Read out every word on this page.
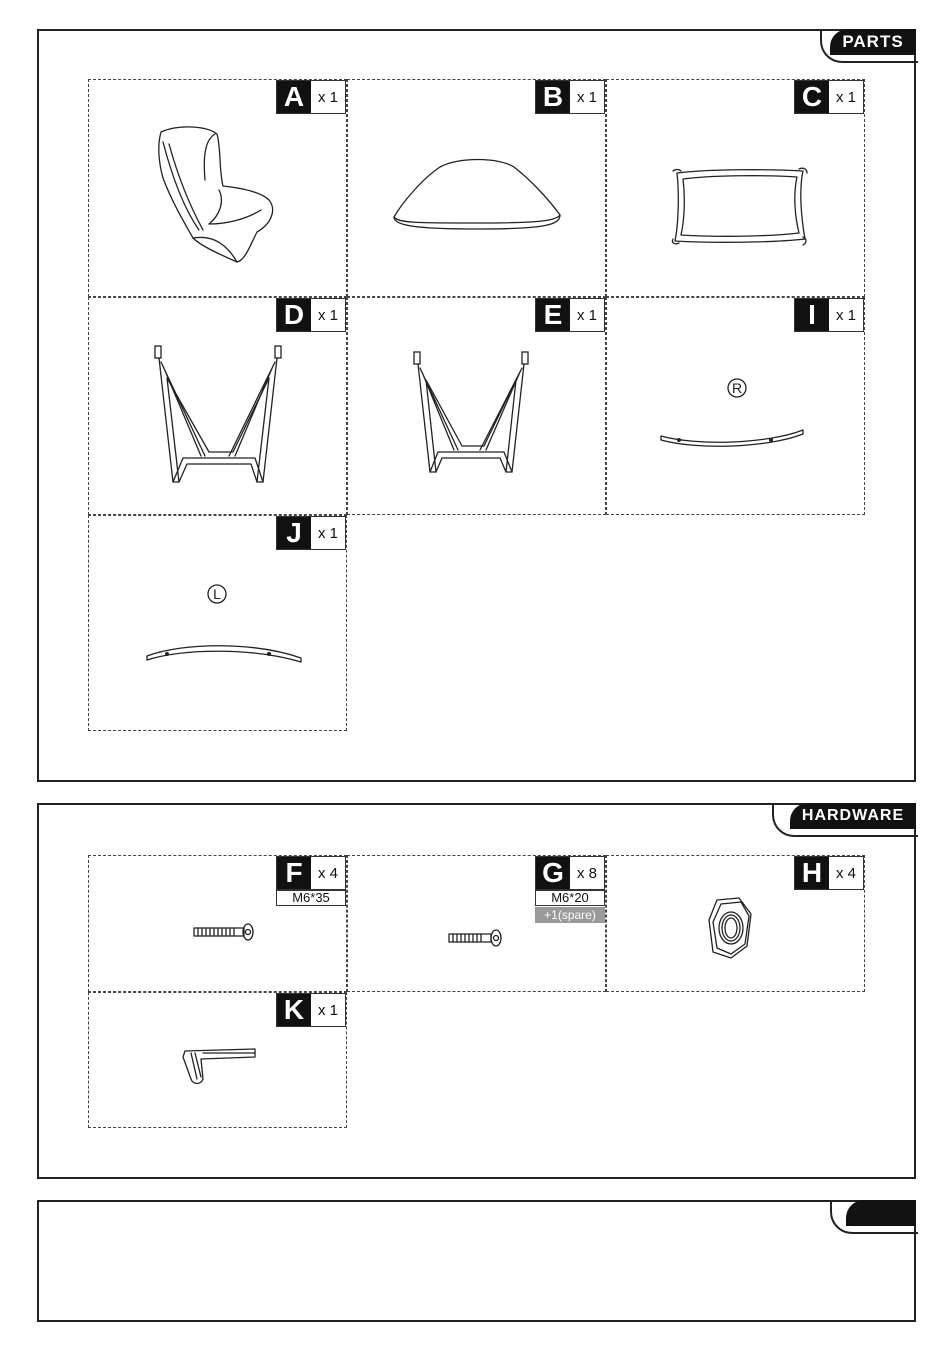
PARTS
A x 1	B x 1	C x 1
D x 1	E x 1	I	x 1
R
J	x 1
L
HARDWARE
F	x 4
M6*35
G x 8
M6*20
+1(spare)
H x 4
K x 1
